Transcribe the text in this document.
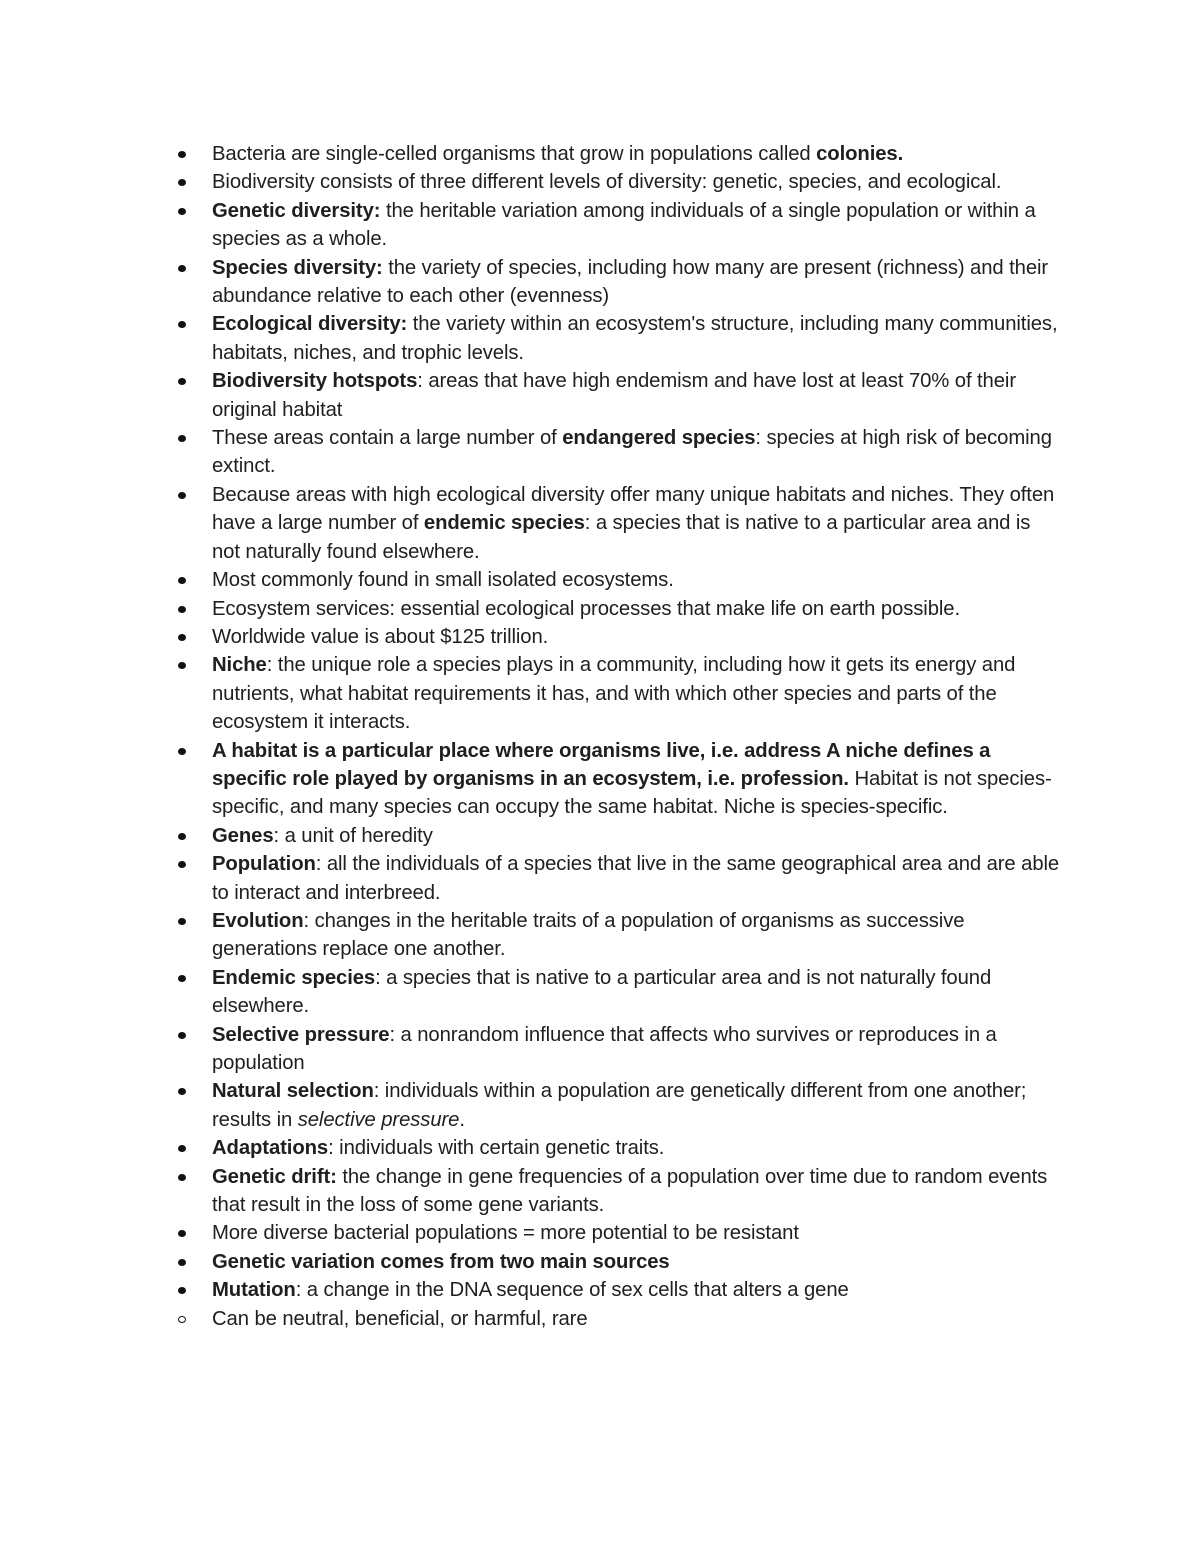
Bacteria are single-celled organisms that grow in populations called colonies.
Biodiversity consists of three different levels of diversity: genetic, species, and ecological.
Genetic diversity: the heritable variation among individuals of a single population or within a species as a whole.
Species diversity: the variety of species, including how many are present (richness) and their abundance relative to each other (evenness)
Ecological diversity: the variety within an ecosystem's structure, including many communities, habitats, niches, and trophic levels.
Biodiversity hotspots: areas that have high endemism and have lost at least 70% of their original habitat
These areas contain a large number of endangered species: species at high risk of becoming extinct.
Because areas with high ecological diversity offer many unique habitats and niches. They often have a large number of endemic species: a species that is native to a particular area and is not naturally found elsewhere.
Most commonly found in small isolated ecosystems.
Ecosystem services: essential ecological processes that make life on earth possible.
Worldwide value is about $125 trillion.
Niche: the unique role a species plays in a community, including how it gets its energy and nutrients, what habitat requirements it has, and with which other species and parts of the ecosystem it interacts.
A habitat is a particular place where organisms live, i.e. address A niche defines a specific role played by organisms in an ecosystem, i.e. profession. Habitat is not species-specific, and many species can occupy the same habitat. Niche is species-specific.
Genes: a unit of heredity
Population: all the individuals of a species that live in the same geographical area and are able to interact and interbreed.
Evolution: changes in the heritable traits of a population of organisms as successive generations replace one another.
Endemic species: a species that is native to a particular area and is not naturally found elsewhere.
Selective pressure: a nonrandom influence that affects who survives or reproduces in a population
Natural selection: individuals within a population are genetically different from one another; results in selective pressure.
Adaptations: individuals with certain genetic traits.
Genetic drift: the change in gene frequencies of a population over time due to random events that result in the loss of some gene variants.
More diverse bacterial populations = more potential to be resistant
Genetic variation comes from two main sources
Mutation: a change in the DNA sequence of sex cells that alters a gene
Can be neutral, beneficial, or harmful, rare
